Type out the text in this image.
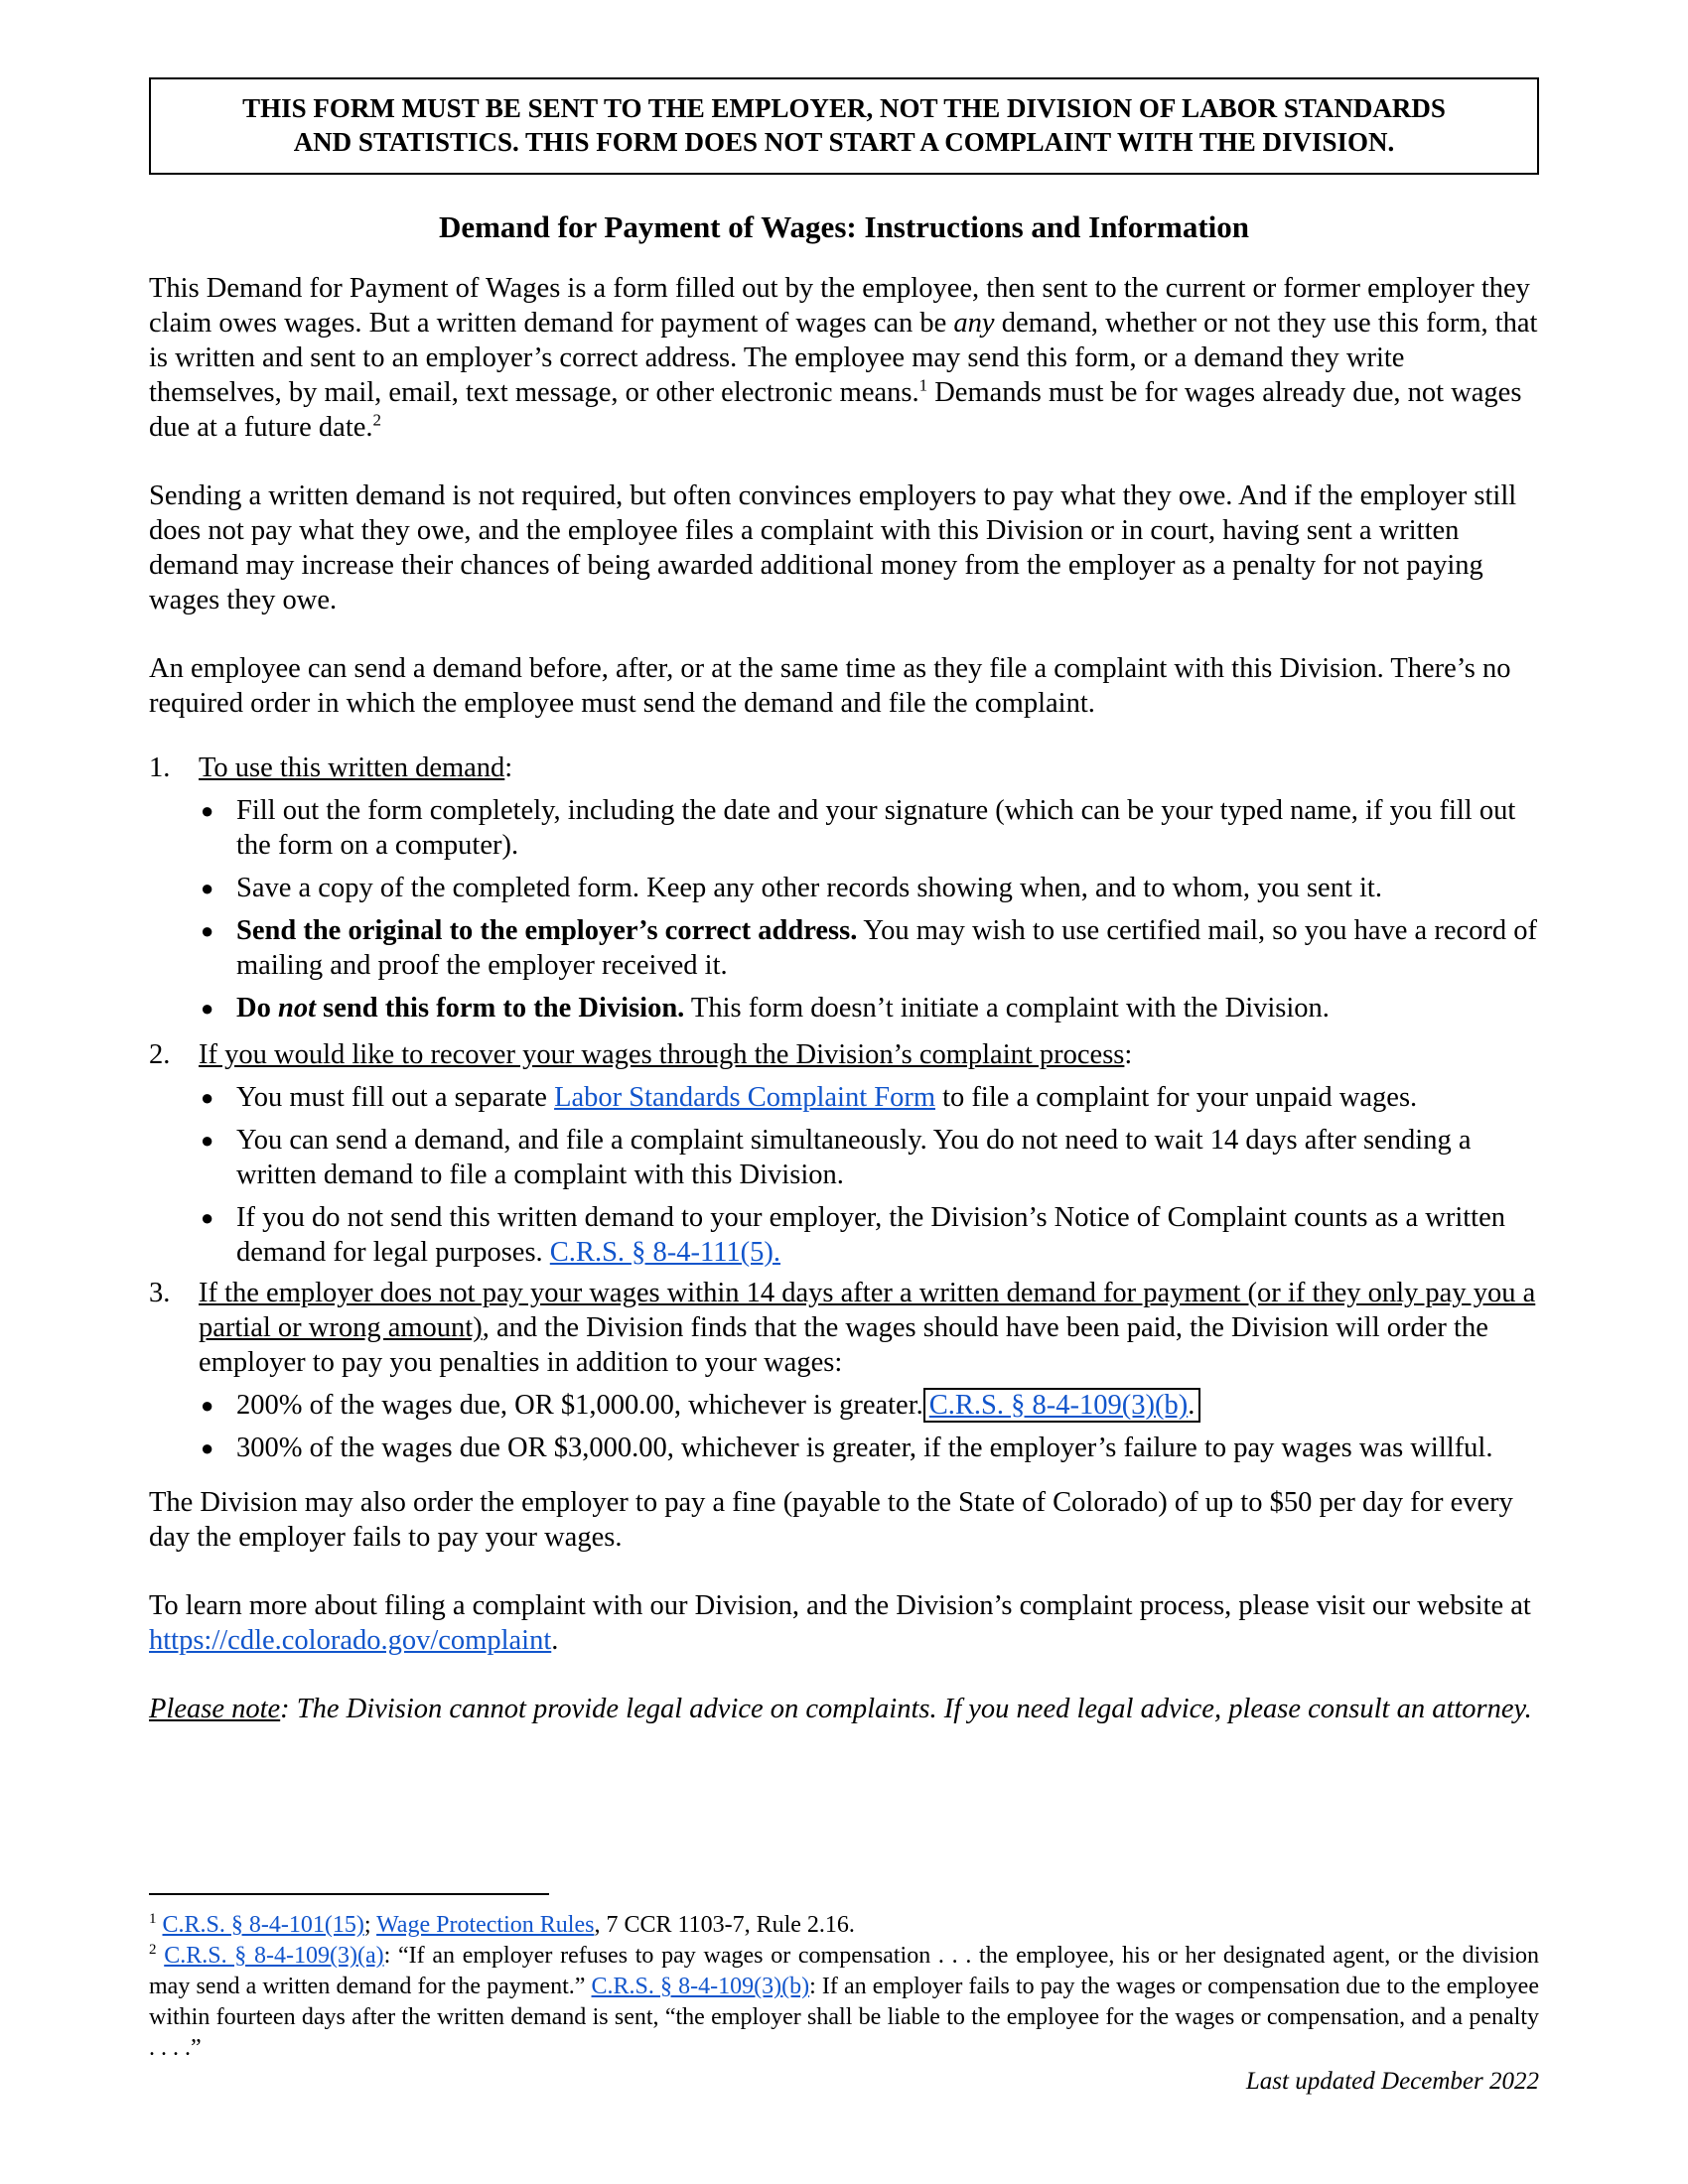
THIS FORM MUST BE SENT TO THE EMPLOYER, NOT THE DIVISION OF LABOR STANDARDS
AND STATISTICS. THIS FORM DOES NOT START A COMPLAINT WITH THE DIVISION.
Demand for Payment of Wages: Instructions and Information
This Demand for Payment of Wages is a form filled out by the employee, then sent to the current or former employer they claim owes wages. But a written demand for payment of wages can be any demand, whether or not they use this form, that is written and sent to an employer’s correct address. The employee may send this form, or a demand they write themselves, by mail, email, text message, or other electronic means.$^1$ Demands must be for wages already due, not wages due at a future date.$^2$
Sending a written demand is not required, but often convinces employers to pay what they owe. And if the employer still does not pay what they owe, and the employee files a complaint with this Division or in court, having sent a written demand may increase their chances of being awarded additional money from the employer as a penalty for not paying wages they owe.
An employee can send a demand before, after, or at the same time as they file a complaint with this Division. There’s no required order in which the employee must send the demand and file the complaint.
1. To use this written demand:
● Fill out the form completely, including the date and your signature (which can be your typed name, if you fill out the form on a computer).
● Save a copy of the completed form. Keep any other records showing when, and to whom, you sent it.
● Send the original to the employer’s correct address. You may wish to use certified mail, so you have a record of mailing and proof the employer received it.
● Do not send this form to the Division. This form doesn’t initiate a complaint with the Division.
2. If you would like to recover your wages through the Division’s complaint process:
● You must fill out a separate Labor Standards Complaint Form to file a complaint for your unpaid wages.
● You can send a demand, and file a complaint simultaneously. You do not need to wait 14 days after sending a written demand to file a complaint with this Division.
● If you do not send this written demand to your employer, the Division’s Notice of Complaint counts as a written demand for legal purposes. C.R.S. § 8-4-111(5).
3. If the employer does not pay your wages within 14 days after a written demand for payment (or if they only pay you a partial or wrong amount), and the Division finds that the wages should have been paid, the Division will order the employer to pay you penalties in addition to your wages:
● 200% of the wages due, OR $1,000.00, whichever is greater. C.R.S. § 8-4-109(3)(b).
● 300% of the wages due OR $3,000.00, whichever is greater, if the employer’s failure to pay wages was willful.
The Division may also order the employer to pay a fine (payable to the State of Colorado) of up to $50 per day for every day the employer fails to pay your wages.
To learn more about filing a complaint with our Division, and the Division’s complaint process, please visit our website at https://cdle.colorado.gov/complaint.
Please note: The Division cannot provide legal advice on complaints. If you need legal advice, please consult an attorney.
$^1$ C.R.S. § 8-4-101(15); Wage Protection Rules, 7 CCR 1103-7, Rule 2.16.
$^2$ C.R.S. § 8-4-109(3)(a): “If an employer refuses to pay wages or compensation . . . the employee, his or her designated agent, or the division may send a written demand for the payment.” C.R.S. § 8-4-109(3)(b): If an employer fails to pay the wages or compensation due to the employee within fourteen days after the written demand is sent, “the employer shall be liable to the employee for the wages or compensation, and a penalty . . . .”
Last updated December 2022
